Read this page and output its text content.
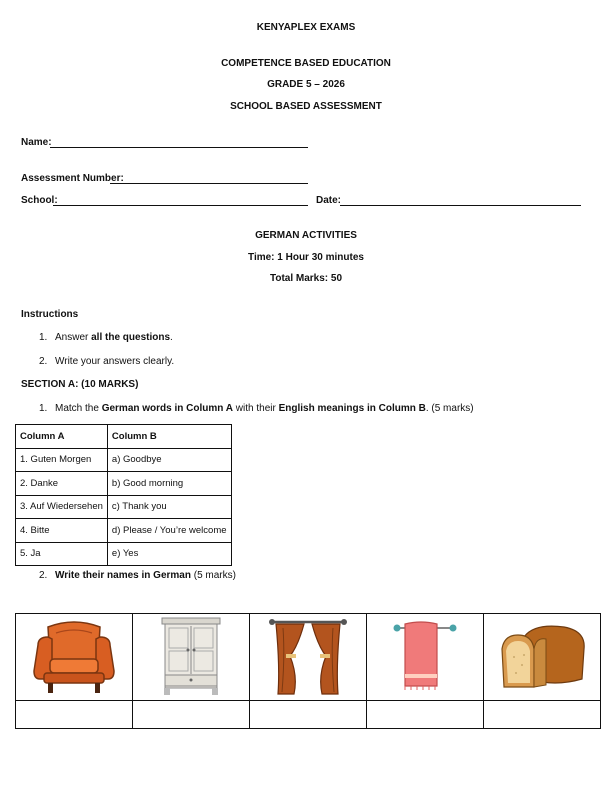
KENYAPLEX EXAMS
COMPETENCE BASED EDUCATION
GRADE 5 – 2026
SCHOOL BASED ASSESSMENT
Name:
Assessment Number:
School:	Date:
GERMAN ACTIVITIES
Time: 1 Hour 30 minutes
Total Marks: 50
Instructions
1. Answer all the questions.
2. Write your answers clearly.
SECTION A: (10 MARKS)
1. Match the German words in Column A with their English meanings in Column B. (5 marks)
Column A	Column B
1. Guten Morgen	a) Goodbye
2. Danke	b) Good morning
3. Auf Wiedersehen	c) Thank you
4. Bitte	d) Please / You’re welcome
5. Ja	e) Yes
2. Write their names in German (5 marks)
